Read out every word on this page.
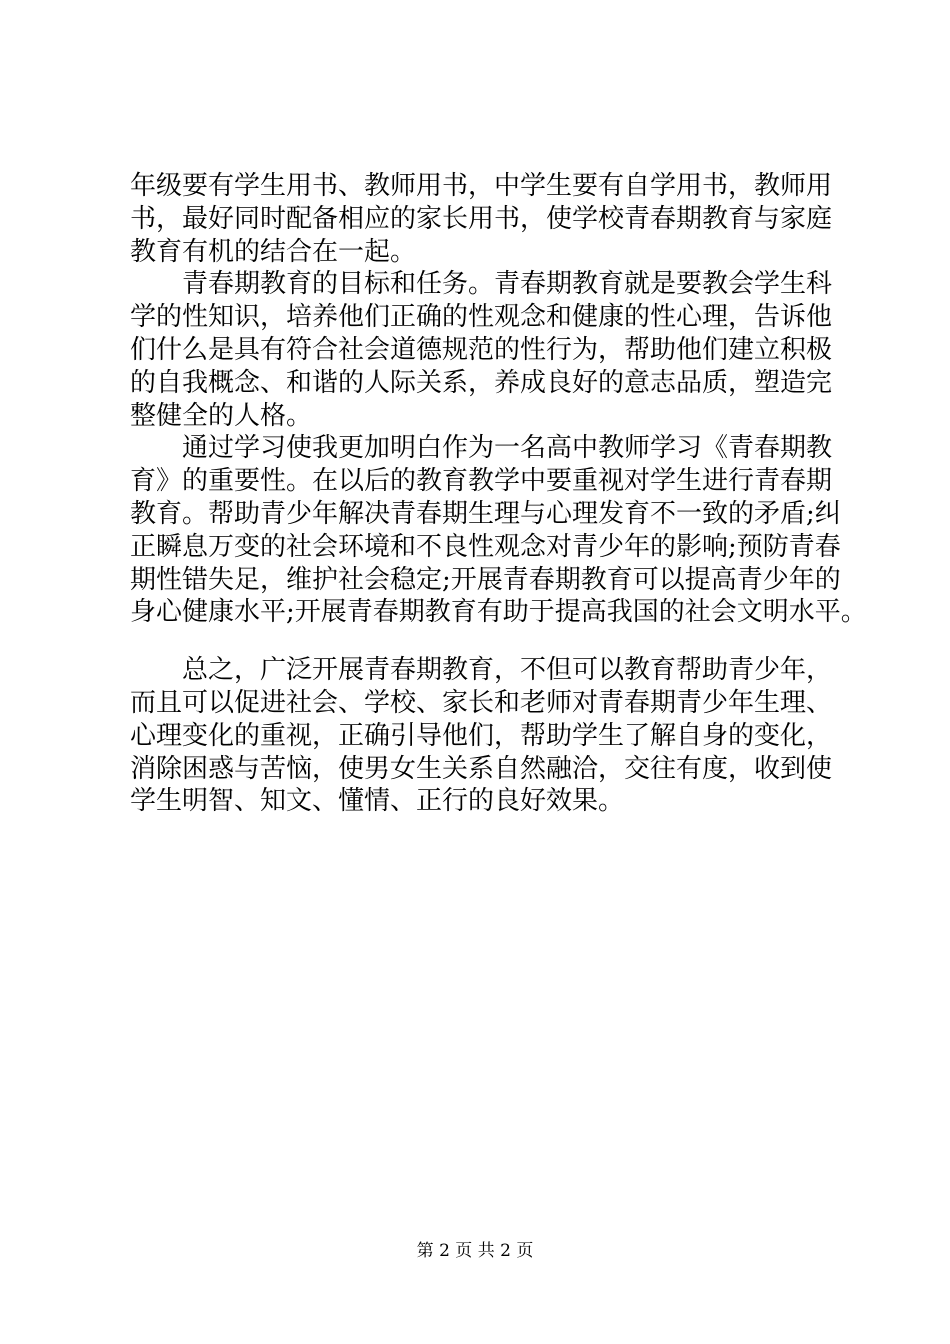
年级要有学生用书、教师用书，中学生要有自学用书，教师用
书，最好同时配备相应的家长用书，使学校青春期教育与家庭
教育有机的结合在一起。
青春期教育的目标和任务。青春期教育就是要教会学生科
学的性知识，培养他们正确的性观念和健康的性心理，告诉他
们什么是具有符合社会道德规范的性行为，帮助他们建立积极
的自我概念、和谐的人际关系，养成良好的意志品质，塑造完
整健全的人格。
通过学习使我更加明白作为一名高中教师学习《青春期教
育》的重要性。在以后的教育教学中要重视对学生进行青春期
教育。帮助青少年解决青春期生理与心理发育不一致的矛盾;纠
正瞬息万变的社会环境和不良性观念对青少年的影响;预防青春
期性错失足，维护社会稳定;开展青春期教育可以提高青少年的
身心健康水平;开展青春期教育有助于提高我国的社会文明水平。
总之，广泛开展青春期教育，不但可以教育帮助青少年，
而且可以促进社会、学校、家长和老师对青春期青少年生理、
心理变化的重视，正确引导他们，帮助学生了解自身的变化，
消除困惑与苦恼，使男女生关系自然融洽，交往有度，收到使
学生明智、知文、懂情、正行的良好效果。
第 2 页 共 2 页
